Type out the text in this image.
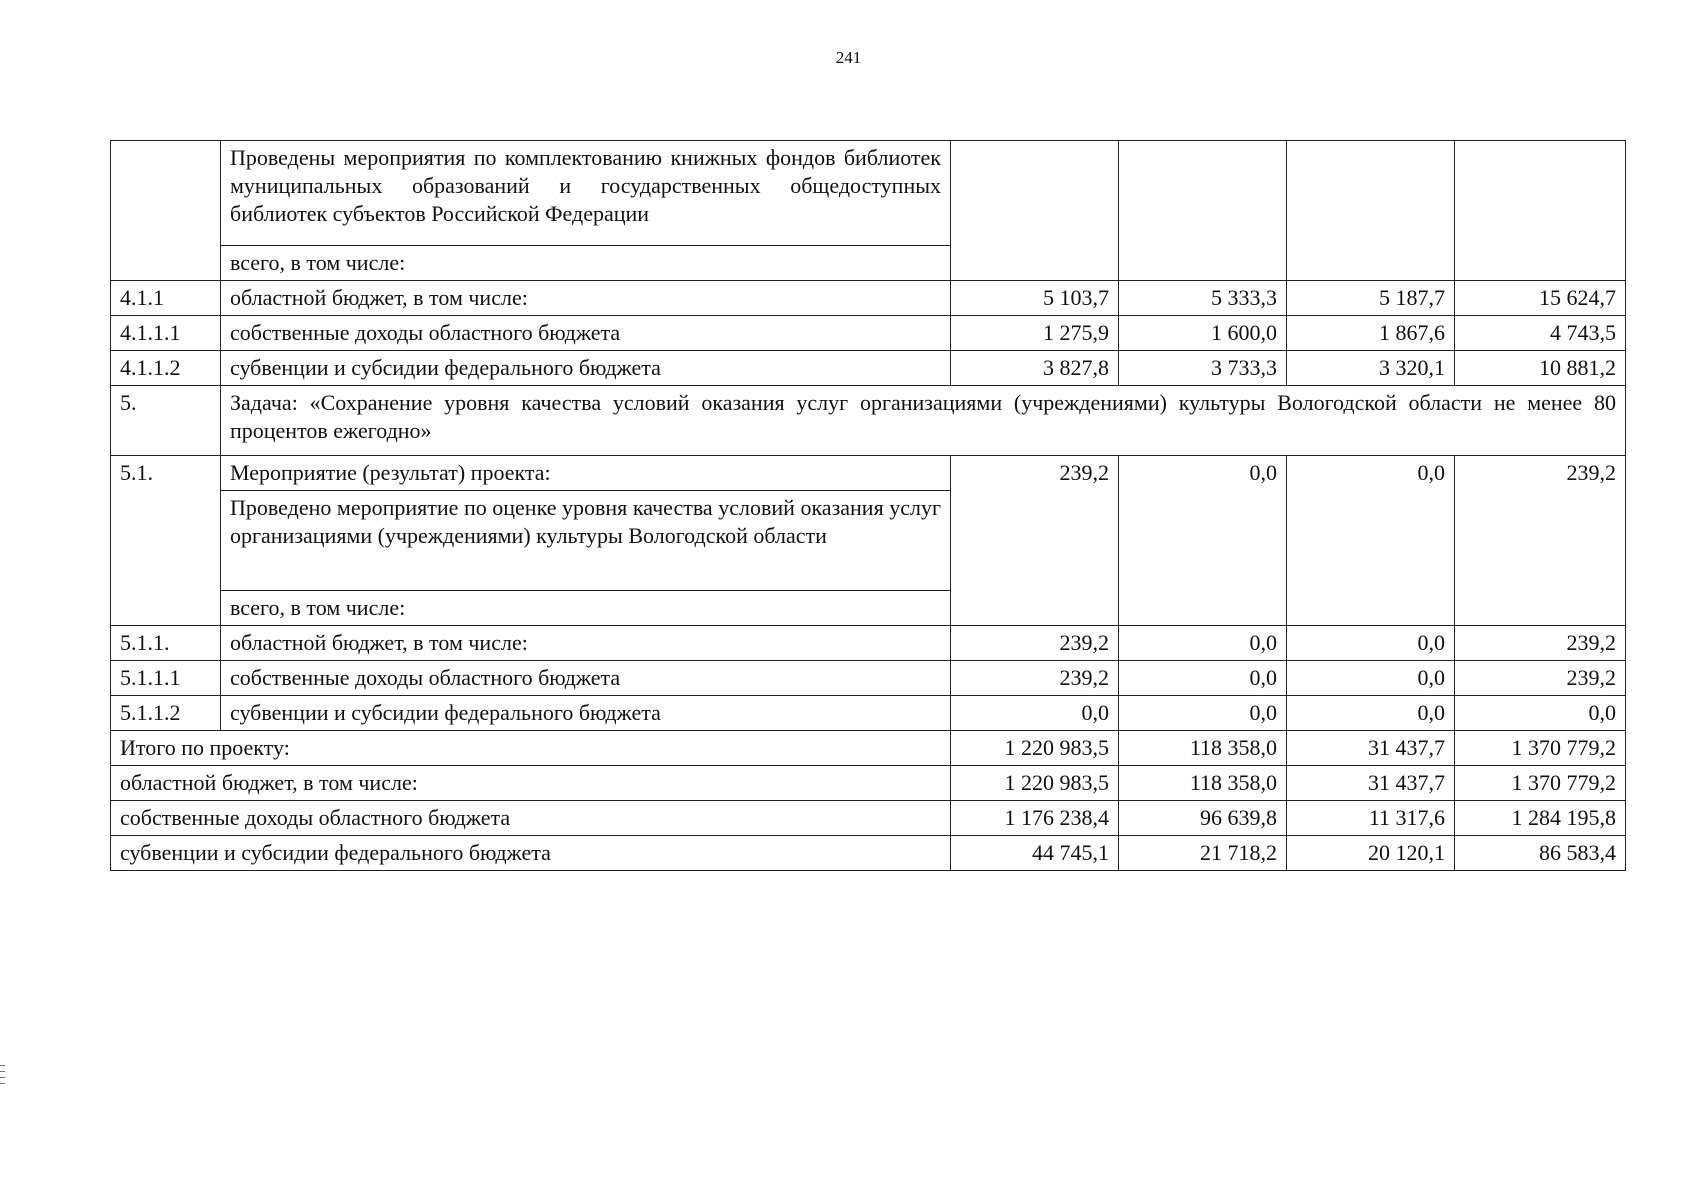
241
	Проведены мероприятия по комплектованию книжных фондов библиотек муниципальных образований и государственных общедоступных библиотек субъектов Российской Федерации				
	всего, в том числе:				
4.1.1	областной бюджет, в том числе:	5 103,7	5 333,3	5 187,7	15 624,7
4.1.1.1	собственные доходы областного бюджета	1 275,9	1 600,0	1 867,6	4 743,5
4.1.1.2	субвенции и субсидии федерального бюджета	3 827,8	3 733,3	3 320,1	10 881,2
5.	Задача: «Сохранение уровня качества условий оказания услуг организациями (учреждениями) культуры Вологодской области не менее 80 процентов ежегодно»				
5.1.	Мероприятие (результат) проекта:	239,2	0,0	0,0	239,2
	Проведено мероприятие по оценке уровня качества условий оказания услуг организациями (учреждениями) культуры Вологодской области				
	всего, в том числе:				
5.1.1.	областной бюджет, в том числе:	239,2	0,0	0,0	239,2
5.1.1.1	собственные доходы областного бюджета	239,2	0,0	0,0	239,2
5.1.1.2	субвенции и субсидии федерального бюджета	0,0	0,0	0,0	0,0
Итого по проекту:		1 220 983,5	118 358,0	31 437,7	1 370 779,2
областной бюджет, в том числе:		1 220 983,5	118 358,0	31 437,7	1 370 779,2
собственные доходы областного бюджета		1 176 238,4	96 639,8	11 317,6	1 284 195,8
субвенции и субсидии федерального бюджета		44 745,1	21 718,2	20 120,1	86 583,4
